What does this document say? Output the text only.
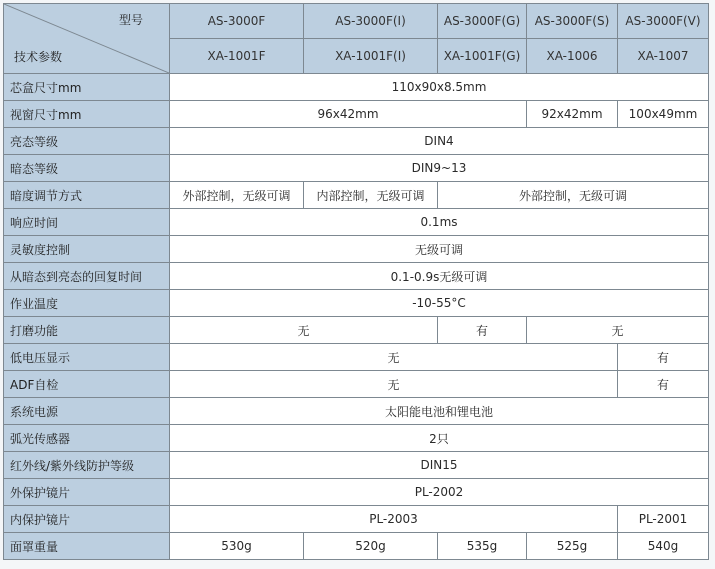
型号
技术参数	AS-3000F	AS-3000F(I)	AS-3000F(G)	AS-3000F(S)	AS-3000F(V)
	XA-1001F	XA-1001F(I)	XA-1001F(G)	XA-1006	XA-1007
芯盒尺寸mm	110x90x8.5mm				
视窗尺寸mm	96x42mm			92x42mm	100x49mm
亮态等级	DIN4				
暗态等级	DIN9~13				
暗度调节方式	外部控制，无级可调	内部控制，无级可调	外部控制，无级可调		
响应时间	0.1ms				
灵敏度控制	无级可调				
从暗态到亮态的回复时间	0.1-0.9s无级可调				
作业温度	-10-55°C				
打磨功能	无		有	无	
低电压显示	无				有
ADF自检	无				有
系统电源	太阳能电池和锂电池				
弧光传感器	2只				
红外线/紫外线防护等级	DIN15				
外保护镜片	PL-2002				
内保护镜片	PL-2003				PL-2001
面罩重量	530g	520g	535g	525g	540g
